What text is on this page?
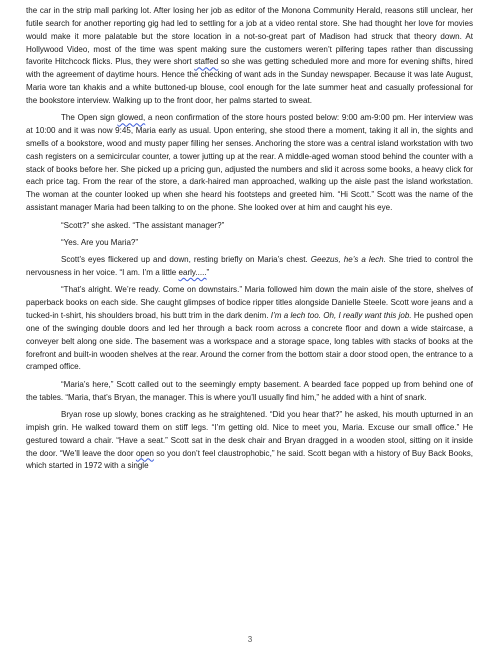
the car in the strip mall parking lot. After losing her job as editor of the Monona Community Herald, reasons still unclear, her futile search for another reporting gig had led to settling for a job at a video rental store. She had thought her love for movies would make it more palatable but the store location in a not-so-great part of Madison had struck that theory down. At Hollywood Video, most of the time was spent making sure the customers weren’t pilfering tapes rather than discussing favorite Hitchcock flicks. Plus, they were short staffed so she was getting scheduled more and more for evening shifts, hired with the agreement of daytime hours. Hence the checking of want ads in the Sunday newspaper. Because it was late August, Maria wore tan khakis and a white buttoned-up blouse, cool enough for the late summer heat and casually professional for the bookstore interview. Walking up to the front door, her palms started to sweat.

The Open sign glowed, a neon confirmation of the store hours posted below: 9:00 am-9:00 pm. Her interview was at 10:00 and it was now 9:45, Maria early as usual. Upon entering, she stood there a moment, taking it all in, the sights and smells of a bookstore, wood and musty paper filling her senses. Anchoring the store was a central island workstation with two cash registers on a semicircular counter, a tower jutting up at the rear. A middle-aged woman stood behind the counter with a stack of books before her. She picked up a pricing gun, adjusted the numbers and slid it across some books, a heavy click for each price tag. From the rear of the store, a dark-haired man approached, walking up the aisle past the island workstation. The woman at the counter looked up when she heard his footsteps and greeted him. “Hi Scott.” Scott was the name of the assistant manager Maria had been talking to on the phone. She looked over at him and caught his eye.

“Scott?” she asked. “The assistant manager?”

“Yes. Are you Maria?”

Scott’s eyes flickered up and down, resting briefly on Maria’s chest. Geezus, he’s a lech. She tried to control the nervousness in her voice. “I am. I’m a little early.....”

“That’s alright. We’re ready. Come on downstairs.” Maria followed him down the main aisle of the store, shelves of paperback books on each side. She caught glimpses of bodice ripper titles alongside Danielle Steele. Scott wore jeans and a tucked-in t-shirt, his shoulders broad, his butt trim in the dark denim. I’m a lech too. Oh, I really want this job. He pushed open one of the swinging double doors and led her through a back room across a concrete floor and down a wide staircase, a conveyer belt along one side. The basement was a workspace and a storage space, long tables with stacks of books at the forefront and built-in wooden shelves at the rear. Around the corner from the bottom stair a door stood open, the entrance to a cramped office.

“Maria’s here,” Scott called out to the seemingly empty basement. A bearded face popped up from behind one of the tables. “Maria, that’s Bryan, the manager. This is where you’ll usually find him,” he added with a hint of snark.

Bryan rose up slowly, bones cracking as he straightened. “Did you hear that?” he asked, his mouth upturned in an impish grin. He walked toward them on stiff legs. “I’m getting old. Nice to meet you, Maria. Excuse our small office.” He gestured toward a chair. “Have a seat.” Scott sat in the desk chair and Bryan dragged in a wooden stool, sitting on it inside the door. “We’ll leave the door open so you don’t feel claustrophobic,” he said. Scott began with a history of Buy Back Books, which started in 1972 with a single

3
